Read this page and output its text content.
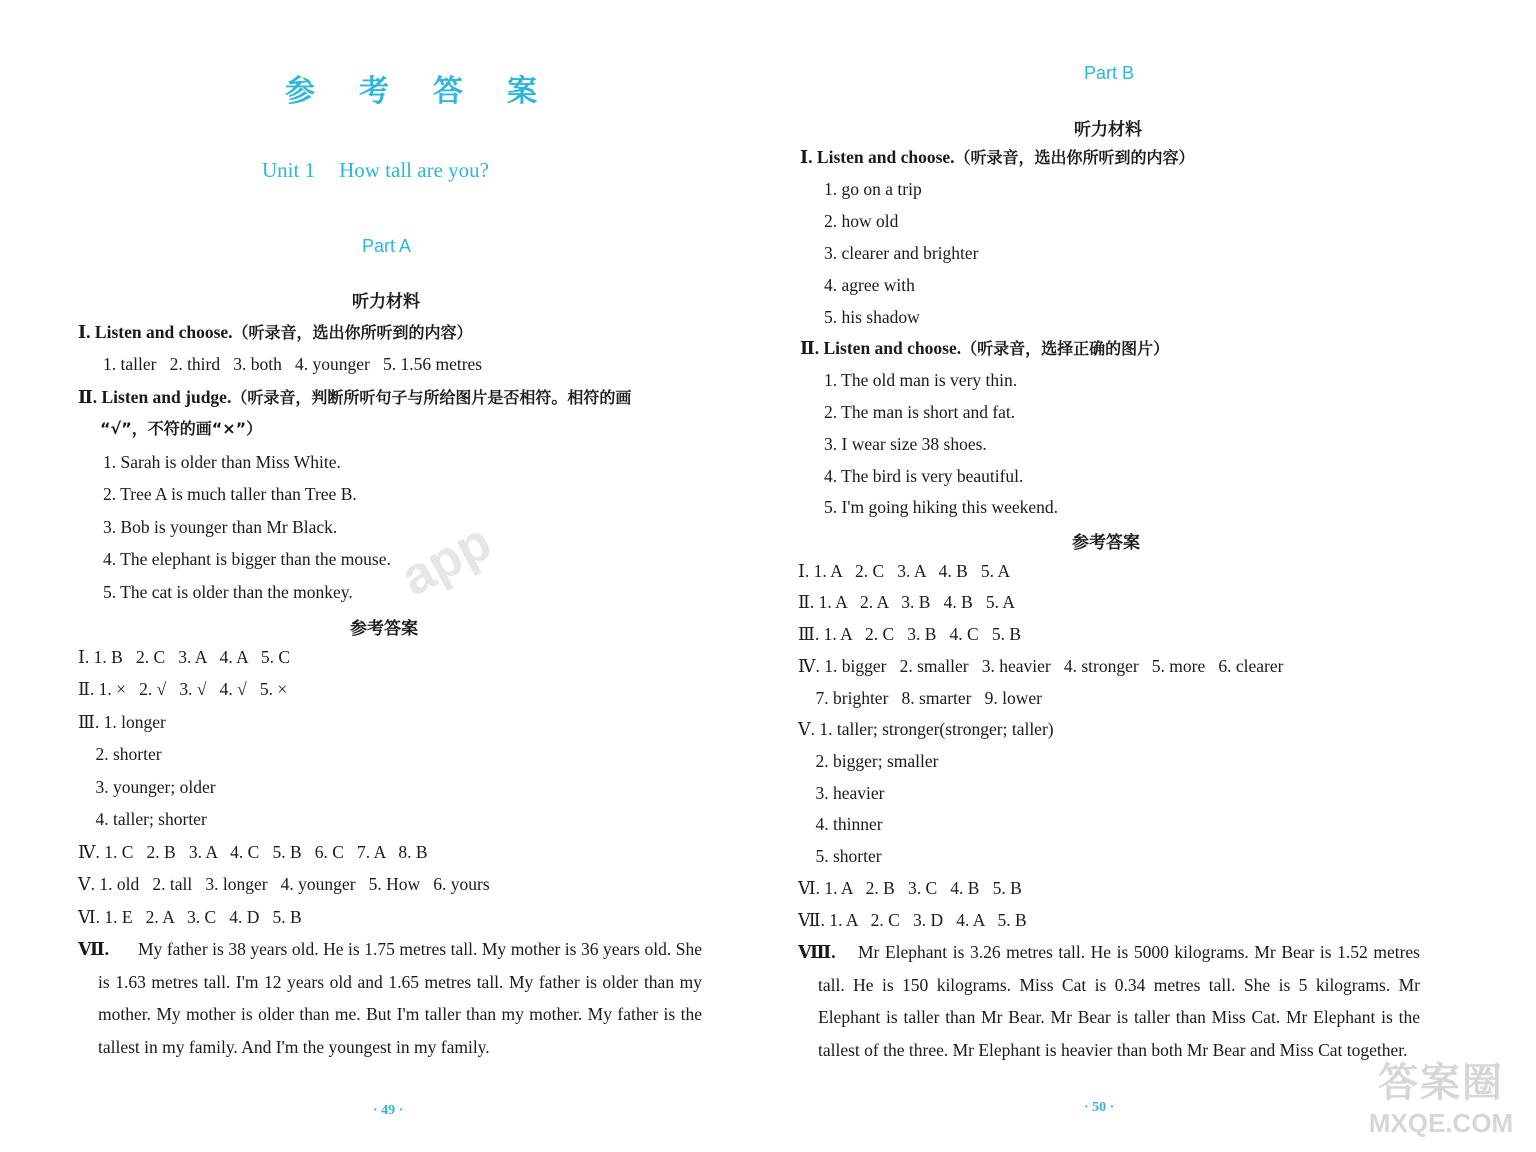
app
参考答案
Unit 1 How tall are you?
Part A
听力材料
Ⅰ. Listen and choose.（听录音，选出你所听到的内容）
1. taller   2. third   3. both   4. younger   5. 1.56 metres
Ⅱ. Listen and judge.（听录音，判断所听句子与所给图片是否相符。相符的画
“√”，不符的画“×”）
1. Sarah is older than Miss White.
2. Tree A is much taller than Tree B.
3. Bob is younger than Mr Black.
4. The elephant is bigger than the mouse.
5. The cat is older than the monkey.
参考答案
Ⅰ. 1. B   2. C   3. A   4. A   5. C
Ⅱ. 1. ×   2. √   3. √   4. √   5. ×
Ⅲ. 1. longer
2. shorter
3. younger; older
4. taller; shorter
Ⅳ. 1. C   2. B   3. A   4. C   5. B   6. C   7. A   8. B
Ⅴ. 1. old   2. tall   3. longer   4. younger   5. How   6. yours
Ⅵ. 1. E   2. A   3. C   4. D   5. B
Ⅶ.	My father is 38 years old. He is 1.75 metres tall. My mother is 36 years old. She is 1.63 metres tall. I'm 12 years old and 1.65 metres tall. My father is older than my mother. My mother is older than me. But I'm taller than my mother. My father is the tallest in my family. And I'm the youngest in my family.
· 49 ·
Part B
听力材料
Ⅰ. Listen and choose.（听录音，选出你所听到的内容）
1. go on a trip
2. how old
3. clearer and brighter
4. agree with
5. his shadow
Ⅱ. Listen and choose.（听录音，选择正确的图片）
1. The old man is very thin.
2. The man is short and fat.
3. I wear size 38 shoes.
4. The bird is very beautiful.
5. I'm going hiking this weekend.
参考答案
Ⅰ. 1. A   2. C   3. A   4. B   5. A
Ⅱ. 1. A   2. A   3. B   4. B   5. A
Ⅲ. 1. A   2. C   3. B   4. C   5. B
Ⅳ. 1. bigger   2. smaller   3. heavier   4. stronger   5. more   6. clearer
7. brighter   8. smarter   9. lower
Ⅴ. 1. taller; stronger(stronger; taller)
2. bigger; smaller
3. heavier
4. thinner
5. shorter
Ⅵ. 1. A   2. B   3. C   4. B   5. B
Ⅶ. 1. A   2. C   3. D   4. A   5. B
Ⅷ.	Mr Elephant is 3.26 metres tall. He is 5000 kilograms. Mr Bear is 1.52 metres tall. He is 150 kilograms. Miss Cat is 0.34 metres tall. She is 5 kilograms. Mr Elephant is taller than Mr Bear. Mr Bear is taller than Miss Cat. Mr Elephant is the tallest of the three. Mr Elephant is heavier than both Mr Bear and Miss Cat together.
· 50 ·
答案圈
MXQE.COM
